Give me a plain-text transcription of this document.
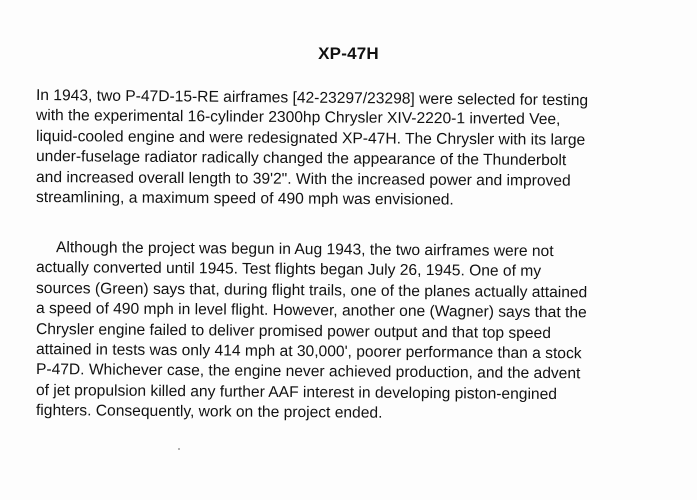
XP-47H

In 1943, two P-47D-15-RE airframes [42-23297/23298] were selected for testing
with the experimental 16-cylinder 2300hp Chrysler XIV-2220-1 inverted Vee,
liquid-cooled engine and were redesignated XP-47H. The Chrysler with its large
under-fuselage radiator radically changed the appearance of the Thunderbolt
and increased overall length to 39'2". With the increased power and improved
streamlining, a maximum speed of 490 mph was envisioned.

Although the project was begun in Aug 1943, the two airframes were not
actually converted until 1945. Test flights began July 26, 1945. One of my
sources (Green) says that, during flight trails, one of the planes actually attained
a speed of 490 mph in level flight. However, another one (Wagner) says that the
Chrysler engine failed to deliver promised power output and that top speed
attained in tests was only 414 mph at 30,000', poorer performance than a stock
P-47D. Whichever case, the engine never achieved production, and the advent
of jet propulsion killed any further AAF interest in developing piston-engined
fighters. Consequently, work on the project ended.
